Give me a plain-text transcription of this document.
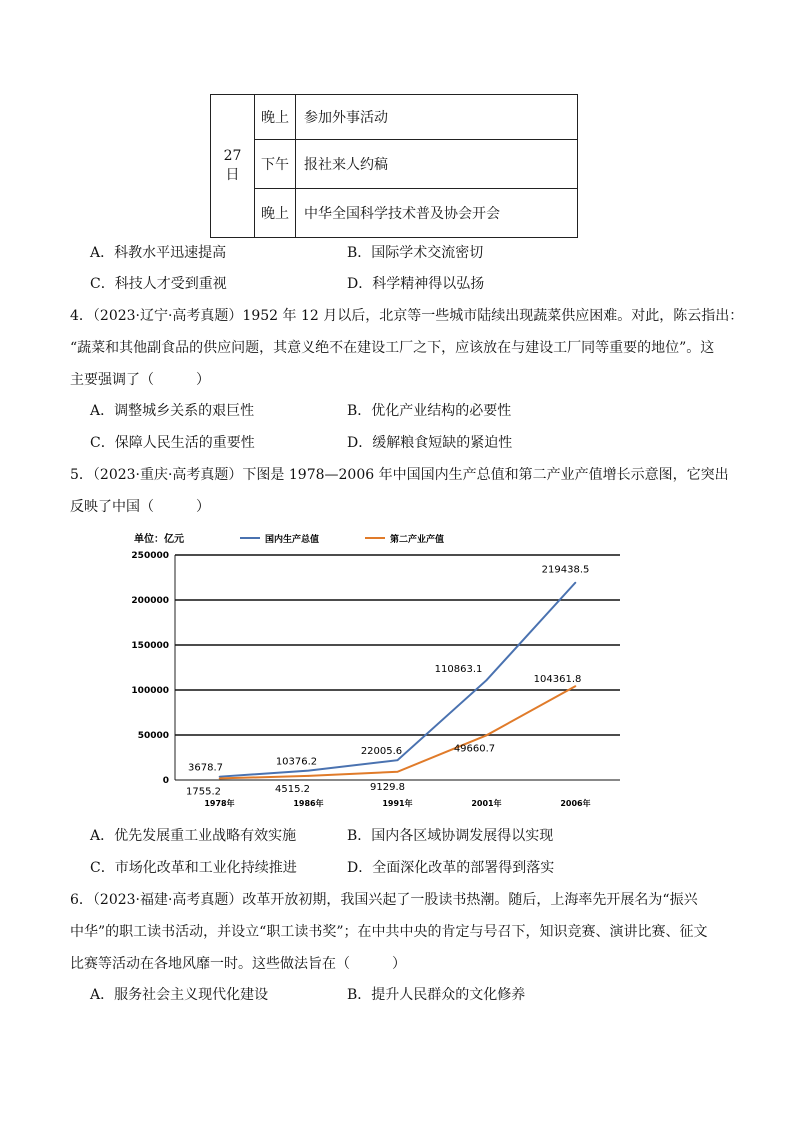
27日	晚上	参加外事活动
	下午	报社来人约稿
	晚上	中华全国科学技术普及协会开会
A．科教水平迅速提高	B．国际学术交流密切
C．科技人才受到重视	D．科学精神得以弘扬
4．（2023·辽宁·高考真题）1952 年 12 月以后，北京等一些城市陆续出现蔬菜供应困难。对此，陈云指出：
“蔬菜和其他副食品的供应问题，其意义绝不在建设工厂之下，应该放在与建设工厂同等重要的地位”。这
主要强调了（　　　）
A．调整城乡关系的艰巨性	B．优化产业结构的必要性
C．保障人民生活的重要性	D．缓解粮食短缺的紧迫性
5．（2023·重庆·高考真题）下图是 1978—2006 年中国国内生产总值和第二产业产值增长示意图，它突出
反映了中国（　　　）
单位：亿元	国内生产总值	第二产业产值
0
50000
100000
150000
200000
250000
1978年	1986年	1991年	2001年	2006年
3678.7
10376.2
22005.6
110863.1
219438.5
1755.2	4515.2	9129.8
49660.7
104361.8
A．优先发展重工业战略有效实施	B．国内各区域协调发展得以实现
C．市场化改革和工业化持续推进	D．全面深化改革的部署得到落实
6．（2023·福建·高考真题）改革开放初期，我国兴起了一股读书热潮。随后，上海率先开展名为“振兴
中华”的职工读书活动，并设立“职工读书奖”；在中共中央的肯定与号召下，知识竞赛、演讲比赛、征文
比赛等活动在各地风靡一时。这些做法旨在（　　　）
A．服务社会主义现代化建设	B．提升人民群众的文化修养
